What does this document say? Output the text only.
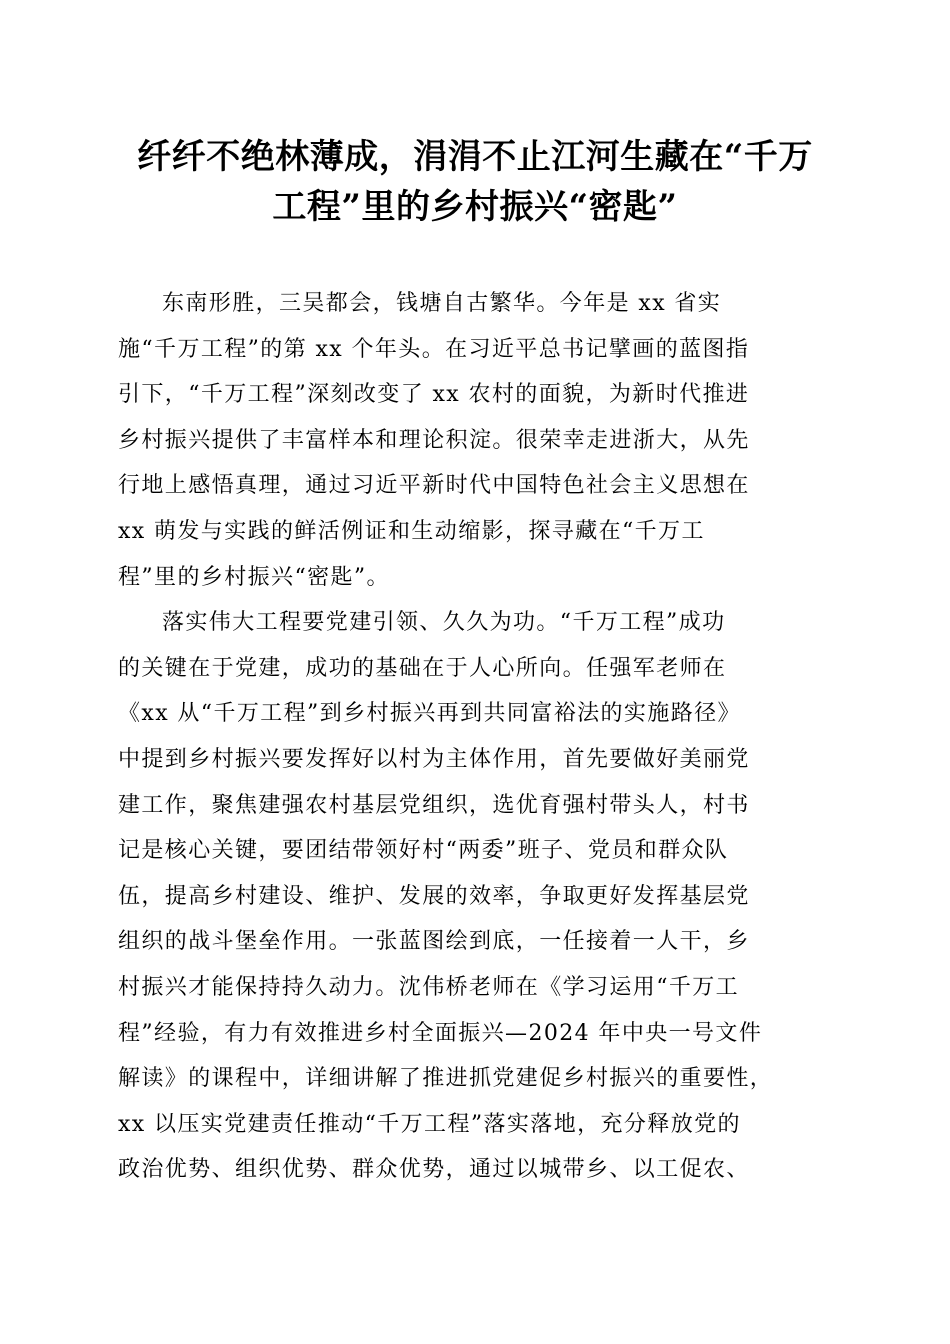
纤纤不绝林薄成，涓涓不止江河生藏在“千万
工程”里的乡村振兴“密匙”

东南形胜，三吴都会，钱塘自古繁华。今年是 xx 省实
施“千万工程”的第 xx 个年头。在习近平总书记擘画的蓝图指
引下，“千万工程”深刻改变了 xx 农村的面貌，为新时代推进
乡村振兴提供了丰富样本和理论积淀。很荣幸走进浙大，从先
行地上感悟真理，通过习近平新时代中国特色社会主义思想在
xx 萌发与实践的鲜活例证和生动缩影，探寻藏在“千万工
程”里的乡村振兴“密匙”。

落实伟大工程要党建引领、久久为功。“千万工程”成功
的关键在于党建，成功的基础在于人心所向。任强军老师在
《xx 从“千万工程”到乡村振兴再到共同富裕法的实施路径》
中提到乡村振兴要发挥好以村为主体作用，首先要做好美丽党
建工作，聚焦建强农村基层党组织，选优育强村带头人，村书
记是核心关键，要团结带领好村“两委”班子、党员和群众队
伍，提高乡村建设、维护、发展的效率，争取更好发挥基层党
组织的战斗堡垒作用。一张蓝图绘到底，一任接着一人干，乡
村振兴才能保持持久动力。沈伟桥老师在《学习运用“千万工
程”经验，有力有效推进乡村全面振兴—2024 年中央一号文件
解读》的课程中，详细讲解了推进抓党建促乡村振兴的重要性，
xx 以压实党建责任推动“千万工程”落实落地，充分释放党的
政治优势、组织优势、群众优势，通过以城带乡、以工促农、
